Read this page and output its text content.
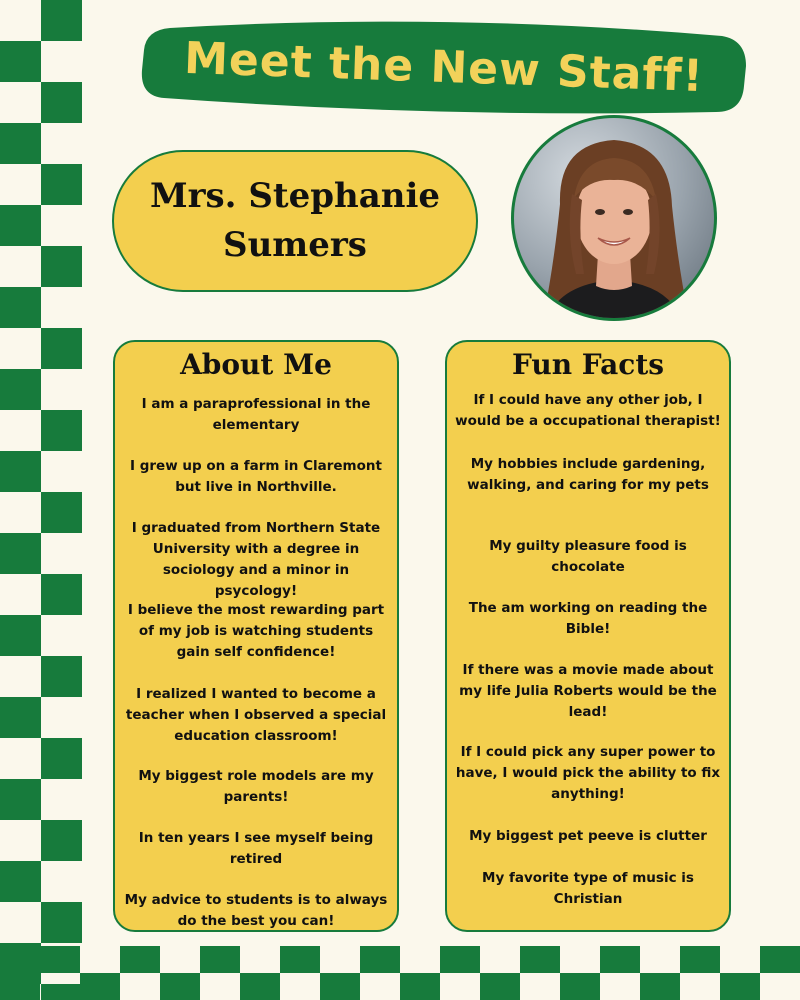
Meet the New Staff!
Mrs. Stephanie
Sumers
About Me

I am a paraprofessional in the elementary

I grew up on a farm in Claremont but live in Northville.

I graduated from Northern State University with a degree in sociology and a minor in psycology!

I believe the most rewarding part of my job is watching students gain self confidence!

I realized I wanted to become a teacher when I observed a special education classroom!

My biggest role models are my parents!

In ten years I see myself being retired

My advice to students is to always do the best you can!

Fun Facts

If I could have any other job, I would be a occupational therapist!

My hobbies include gardening, walking, and caring for my pets

My guilty pleasure food is chocolate

The am working on reading the Bible!

If there was a movie made about my life Julia Roberts would be the lead!

If I could pick any super power to have, I would pick the ability to fix anything!

My biggest pet peeve is clutter

My favorite type of music is Christian
